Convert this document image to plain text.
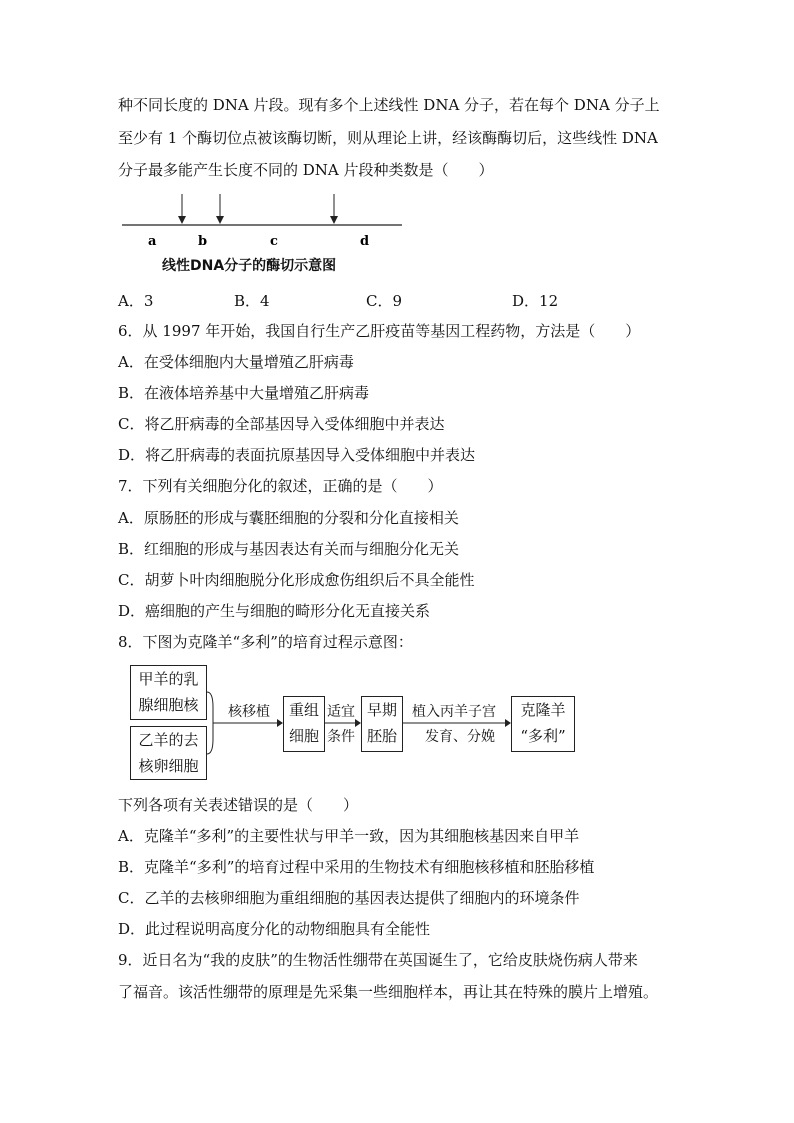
种不同长度的 DNA 片段。现有多个上述线性 DNA 分子，若在每个 DNA 分子上
至少有 1 个酶切位点被该酶切断，则从理论上讲，经该酶酶切后，这些线性 DNA
分子最多能产生长度不同的 DNA 片段种类数是（　　）
a	b	c	d
线性DNA分子的酶切示意图
A．3	B．4	C．9	D．12
6．从 1997 年开始，我国自行生产乙肝疫苗等基因工程药物，方法是（　　）
A．在受体细胞内大量增殖乙肝病毒
B．在液体培养基中大量增殖乙肝病毒
C．将乙肝病毒的全部基因导入受体细胞中并表达
D．将乙肝病毒的表面抗原基因导入受体细胞中并表达
7．下列有关细胞分化的叙述，正确的是（　　）
A．原肠胚的形成与囊胚细胞的分裂和分化直接相关
B．红细胞的形成与基因表达有关而与细胞分化无关
C．胡萝卜叶肉细胞脱分化形成愈伤组织后不具全能性
D．癌细胞的产生与细胞的畸形分化无直接关系
8．下图为克隆羊“多利”的培育过程示意图：
甲羊的乳
腺细胞核
乙羊的去
核卵细胞
核移植 重组
细胞
适宜
条件
早期
胚胎
植入丙羊子宫
发育、分娩
克隆羊
“多利”
下列各项有关表述错误的是（　　）
A．克隆羊“多利”的主要性状与甲羊一致，因为其细胞核基因来自甲羊
B．克隆羊“多利”的培育过程中采用的生物技术有细胞核移植和胚胎移植
C．乙羊的去核卵细胞为重组细胞的基因表达提供了细胞内的环境条件
D．此过程说明高度分化的动物细胞具有全能性
9．近日名为“我的皮肤”的生物活性绷带在英国诞生了，它给皮肤烧伤病人带来
了福音。该活性绷带的原理是先采集一些细胞样本，再让其在特殊的膜片上增殖。
